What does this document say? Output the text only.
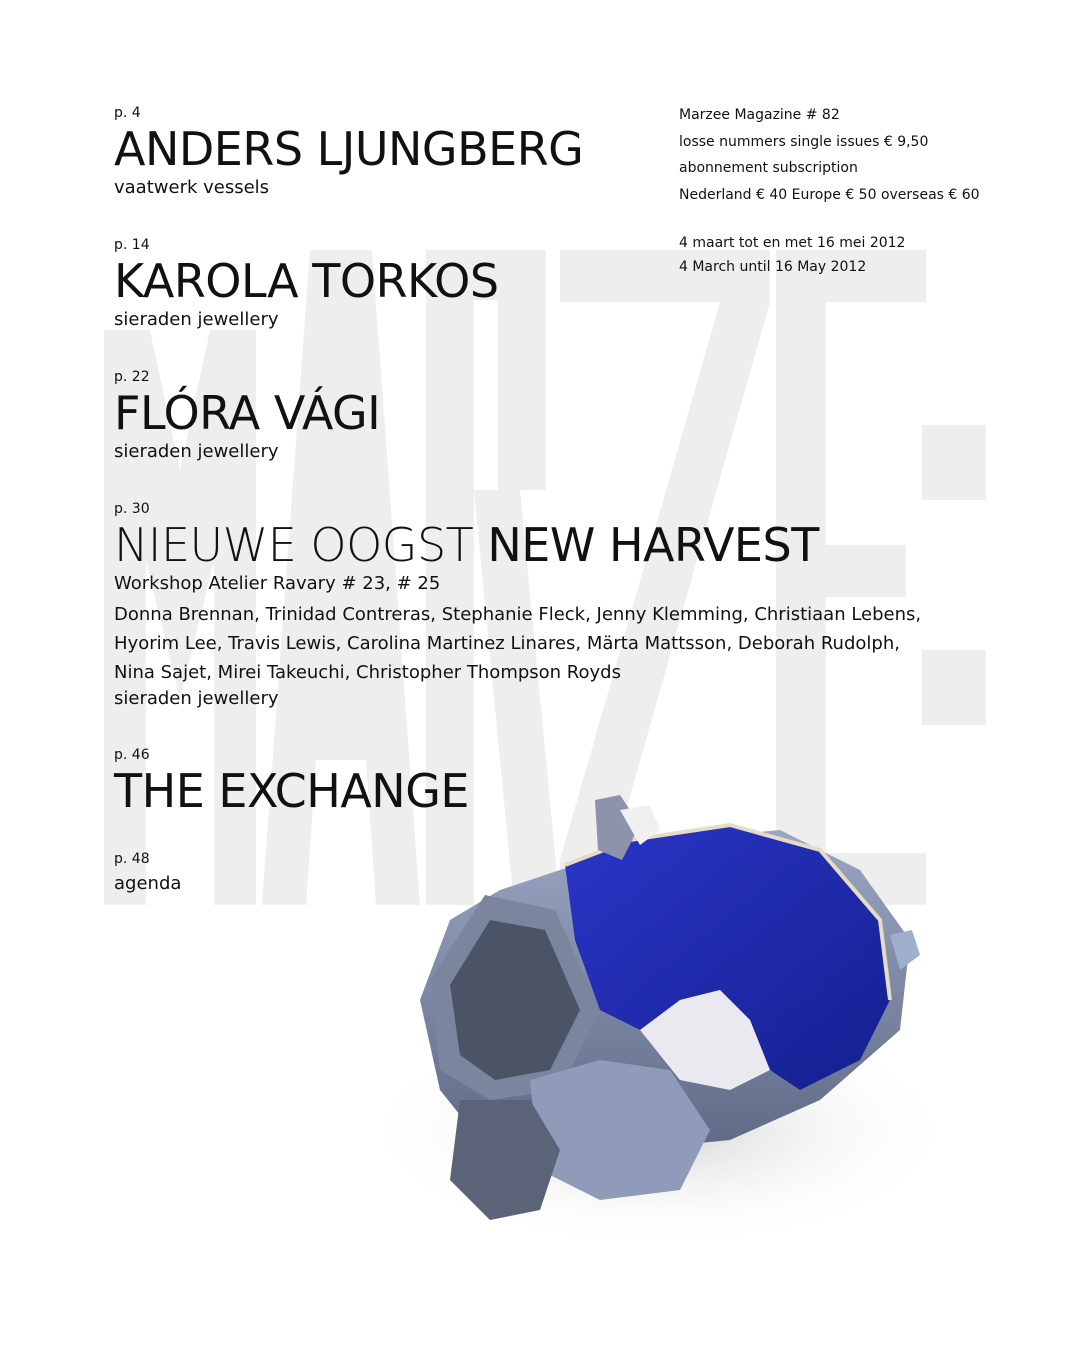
p. 4
ANDERS LJUNGBERG
vaatwerk vessels
p. 14
KAROLA TORKOS
sieraden jewellery
p. 22
FLÓRA VÁGI
sieraden jewellery
p. 30
NIEUWE OOGST NEW HARVEST
Workshop Atelier Ravary # 23, # 25
Donna Brennan, Trinidad Contreras, Stephanie Fleck, Jenny Klemming, Christiaan Lebens,
Hyorim Lee, Travis Lewis, Carolina Martinez Linares, Märta Mattsson, Deborah Rudolph,
Nina Sajet, Mirei Takeuchi, Christopher Thompson Royds
sieraden jewellery
p. 46
THE EXCHANGE
p. 48
agenda
Marzee Magazine # 82
losse nummers single issues € 9,50
abonnement subscription
Nederland € 40 Europe € 50 overseas € 60
4 maart tot en met 16 mei 2012
4 March until 16 May 2012
